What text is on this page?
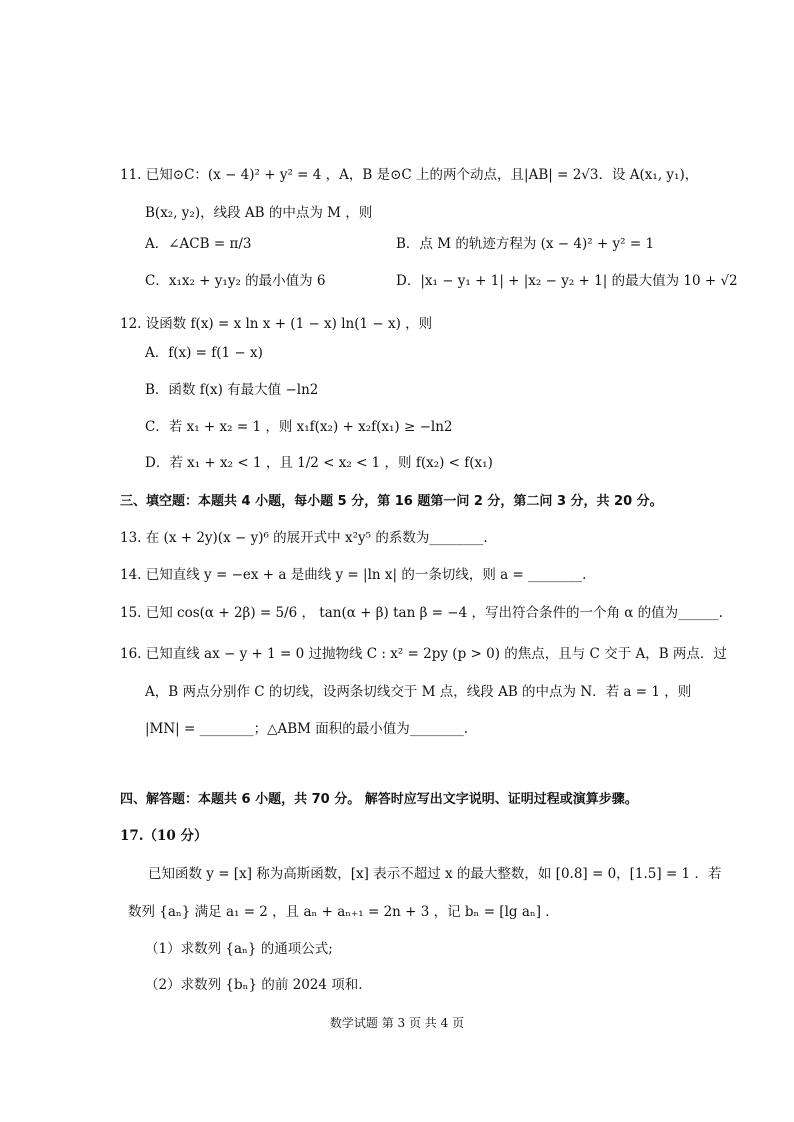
11. 已知⊙C：(x − 4)² + y² = 4 ，A，B 是⊙C 上的两个动点，且|AB| = 2√3．设 A(x₁, y₁)，
B(x₂, y₂)，线段 AB 的中点为 M ，则
A．∠ACB = π/3	B．点 M 的轨迹方程为 (x − 4)² + y² = 1
C．x₁x₂ + y₁y₂ 的最小值为 6	D．|x₁ − y₁ + 1| + |x₂ − y₂ + 1| 的最大值为 10 + √2
12. 设函数 f(x) = x ln x + (1 − x) ln(1 − x) ，则
A．f(x) = f(1 − x)
B．函数 f(x) 有最大值 −ln2
C．若 x₁ + x₂ = 1 ，则 x₁f(x₂) + x₂f(x₁) ≥ −ln2
D．若 x₁ + x₂ < 1 ，且 1/2 < x₂ < 1 ，则 f(x₂) < f(x₁)
三、填空题：本题共 4 小题，每小题 5 分，第 16 题第一问 2 分，第二问 3 分，共 20 分。
13. 在 (x + 2y)(x − y)⁶ 的展开式中 x²y⁵ 的系数为________.
14. 已知直线 y = −ex + a 是曲线 y = |ln x| 的一条切线，则 a = ________.
15. 已知 cos(α + 2β) = 5/6 ， tan(α + β) tan β = −4 ，写出符合条件的一个角 α 的值为______.
16. 已知直线 ax − y + 1 = 0 过抛物线 C : x² = 2py (p > 0) 的焦点，且与 C 交于 A，B 两点．过
A，B 两点分别作 C 的切线，设两条切线交于 M 点，线段 AB 的中点为 N．若 a = 1 ，则
|MN| = ________；△ABM 面积的最小值为________.
四、解答题：本题共 6 小题，共 70 分。 解答时应写出文字说明、证明过程或演算步骤。
17.（10 分）
已知函数 y = [x] 称为高斯函数，[x] 表示不超过 x 的最大整数，如 [0.8] = 0，[1.5] = 1 ．若
数列 {aₙ} 满足 a₁ = 2 ，且 aₙ + aₙ₊₁ = 2n + 3 ，记 bₙ = [lg aₙ] ．
（1）求数列 {aₙ} 的通项公式;
（2）求数列 {bₙ} 的前 2024 项和.
数学试题 第 3 页 共 4 页
